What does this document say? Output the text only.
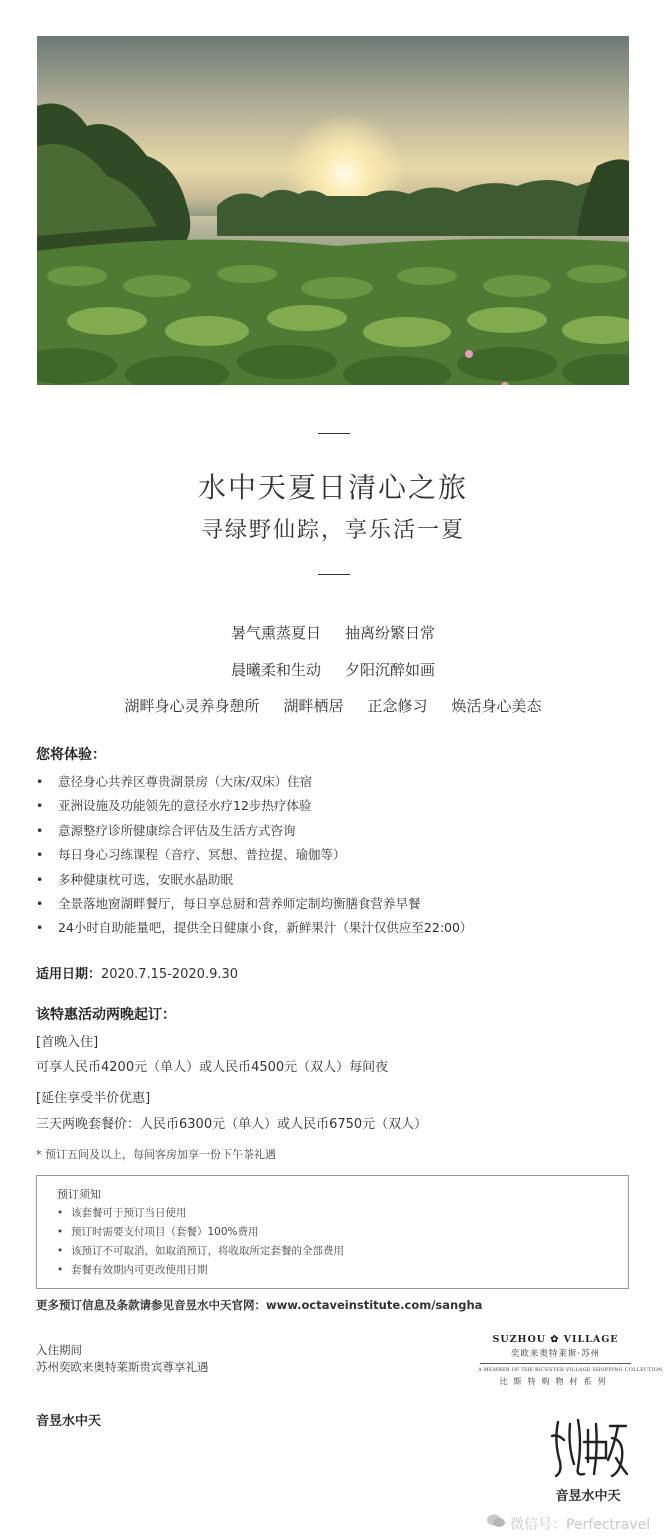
水中天夏日清心之旅
寻绿野仙踪，享乐活一夏
暑气熏蒸夏日 抽离纷繁日常
晨曦柔和生动 夕阳沉醉如画
湖畔身心灵养身憩所 湖畔栖居 正念修习 焕活身心美态
您将体验：
• 意径身心共养区尊贵湖景房（大床/双床）住宿
• 亚洲设施及功能领先的意径水疗12步热疗体验
• 意源整疗诊所健康综合评估及生活方式咨询
• 每日身心习练课程（音疗、冥想、普拉提、瑜伽等）
• 多种健康枕可选，安眠水晶助眠
• 全景落地窗湖畔餐厅，每日享总厨和营养师定制均衡膳食营养早餐
• 24小时自助能量吧，提供全日健康小食，新鲜果汁（果汁仅供应至22:00）
适用日期：2020.7.15-2020.9.30
该特惠活动两晚起订：
[首晚入住]
可享人民币4200元（单人）或人民币4500元（双人）每间夜
[延住享受半价优惠]
三天两晚套餐价：人民币6300元（单人）或人民币6750元（双人）
* 预订五间及以上，每间客房加享一份下午茶礼遇
预订须知
• 该套餐可于预订当日使用
• 预订时需要支付项目（套餐）100%费用
• 该预订不可取消，如取消预订，将收取所定套餐的全部费用
• 套餐有效期内可更改使用日期
更多预订信息及条款请参见音昱水中天官网：www.octaveinstitute.com/sangha
入住期间
苏州奕欧来奥特莱斯贵宾尊享礼遇
SUZHOU ✿ VILLAGE
奕欧来奥特莱斯·苏州
A MEMBER OF THE BICESTER VILLAGE SHOPPING COLLECTION
比斯特购物村系列
音昱水中天
音昱水中天
微信号：Perfectravel
